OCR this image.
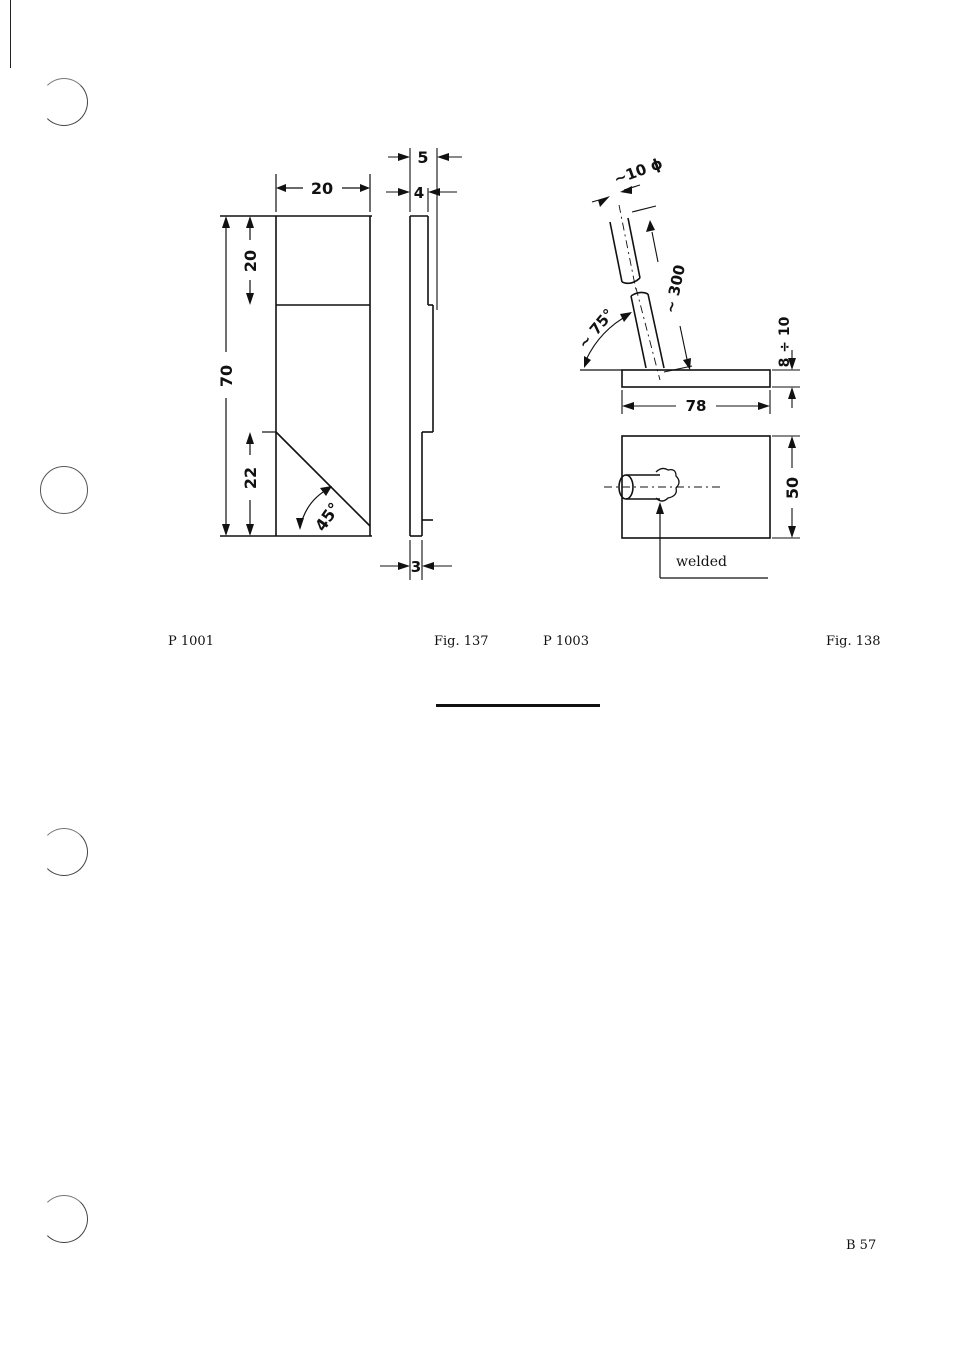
20
20
70
22
45°
5
4
3
~10 ϕ
~ 300
~ 75°
78
8 ÷ 10
50
welded
P 1001	Fig. 137	P 1003	Fig. 138
B 57
